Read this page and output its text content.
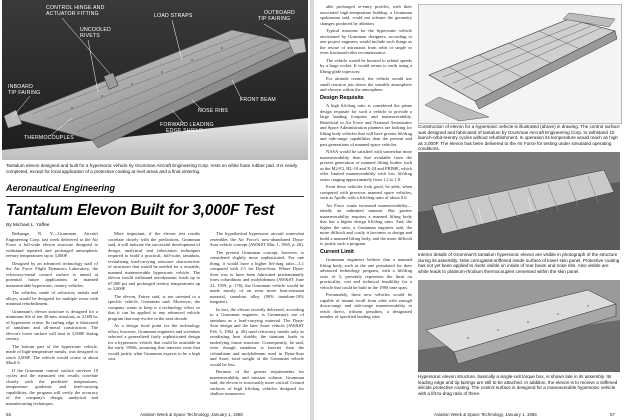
CONTROL HINGE AND
ACTUATOR FITTING
UNCOOLED
RIVETS
LOAD STRAPS	OUTBOARD
TIP FAIRING
INBOARD
TIP FAIRING
FRONT BEAM
NOSE RIBS
THERMOCOUPLES
FORWARD LEADING
EDGE SHIELD
Tantalum elevon designed and built for a hypersonic vehicle by Grumman Aircraft Engineering Corp. rests on white foam rubber pad. It is nearly completed, except for local application of a protective coating at rivet areas and a final sintering.
Aeronautical Engineering
Tantalum Elevon Built for 3,000F Test
By Michael L. Yaffee

Bethpage, N. Y.—Grumman Aircraft Engineering Corp. last week delivered to the Air Force a full-scale elevon structure designed to withstand repeated and prolonged atmospheric reentry temperatures up to 3,000F.

Designed by an advanced technology staff of the Air Force Flight Dynamics Laboratory, the refractory-metal control surface is aimed at potential future applications in manned maneuverable hypersonic, reentry vehicles.

The vehicles, made of refractory metals and alloys, would be designed for multiple reuse with minimal refurbishment.

Grumman's elevon structure is designed for a minimum life of ten 40-min. missions, or 2,000 hr. of hypersonic cruise. Its trailing edge is fabricated of tantalum and all-metal construction. The elevon's lower surface will heat to 3,000F during reentry.

The bottom part of the hypersonic vehicle, made of high-temperature metals, was designed to reach 2,000F. The vehicle would cruise at about Mach 6.

If the Grumman control surface survives 10 cycles and the measured test results correlate closely with the predicted temperatures, temperature gradients and load-carrying capabilities, the program will verify the accuracy of the company's design, analytical and manufacturing techniques.

More important, if the elevon test results correlate closely with the predictions, Grumman said, it will indicate the successful development of design, analytical and fabrication techniques required to build a practical, full-scale, tantalum, revitalizing load-carrying structure characteristic of structures that would be needed for a reusable, manned maneuverable hypersonic vehicle. The elevon would withstand aerodynamic loads up to 67,000 psi and prolonged reentry temperatures up to 3,000F.

The elevon, Fairey said, is not oriented to a specific vehicle, Grumman said. Moreover, the company wants to keep it a technology effort so that it can be applied to any advanced vehicle program that may evolve in the next decade.

As a design focal point for the technology effort, however, Grumman engineers and scientists selected a generalized fairly sophisticated design for a hypersonic vehicle that could be available in the early 1980s, assuming that interests exist that would justify what Grumman expects to be a high cost.

The hypothetical hypersonic aircraft somewhat resembles the Air Force's now-abandoned Dyna-Soar vehicle concept (AW&ST Mar. 1, 1965, p. 26).

The present Grumman concept, however, is considered slightly more sophisticated. For one thing, it would have a higher lift-drag ratio—1.1 compared with 2:1 for Dyna-Soar. Where Dyna-Soar was to have been fabricated predominantly from columbium and molybdenum (AW&ST June 22, 1959, p. 176), the Grumman vehicle would be made mostly of an even more heat-resistant material, tantalum alloy (90% tantalum-10% tungsten).

In fact, the elevon recently delivered, according to a Grumman engineer, is Grumman's use of tantalum as a load-carrying material. The Dyna-Soar design and the later Asset vehicle (AW&ST Feb. 5, 1962, p. 26) used refractory metals only as reradiating heat shields; the titanium loads to underlying frame structure. Consequently, he said, even though tantalum is heavier than the columbium and molybdenum used in Dyna-Soar and Asset, total weight of the Grumman vehicle would be less.

Because of the greater requirements for maneuverability and mission volume, Grumman said, the elevon is structurally more critical. Control surfaces of high lift/drag vehicles designed for shallow maneuvers

56	Aviation Week & Space Technology, January 1, 1968

able prolonged re-entry profiles, with their associated high-temperature buildup, a Grumman spokesman said, could not tolerate the geometry changes produced by ablation.

Typical missions for the hypersonic vehicle envisioned by Grumman designers, according to one project engineer, would include such things as the rescue of astronauts from orbit or single or even fractional-orbit reconnaissance.

The vehicle would be boosted to orbital speeds by a large rocket. It would return to earth using a lifting glide trajectory.

For attitude control, the vehicle would use small reaction jets above the sensible atmosphere and elevons within the atmosphere.

Design Requisite

A high lift/drag ratio is considered the prime design requisite for such a vehicle to provide a large landing footprint and maneuverability. Beneficial to Air Force and National Aeronautics and Space Administration planners are looking for lifting body vehicles that will have greater lift/drag and side-range capabilities than the present and past generations of manned space vehicles.

NASA would be satisfied with somewhat more maneuverability than that available from the present generation of manned lifting bodies such as the M2-F2, HL-10 and X-24 and PRIME, which offer limited maneuverability with low lift/drag ratios ranging approximately from 1.2 to 1.8.

Even these vehicles look good, he adds, when compared with previous manned space vehicles, such as Apollo with a lift/drag ratio of about 0.6.

Air Force wants increased maneuverability—ideally an unlimited amount. But greater maneuverability requires a manned lifting body that has a higher design lift/drag ratio. And, the higher the ratio, a Grumman engineer said, the more difficult and costly it becomes to design and build a manned lifting body, and the more difficult to justify such a program.

Current Limit

Grumman engineers believe that a manned lifting body, such as the one postulated for their advanced technology program, with a lift/drag ratio of 3, presently represents the limit on practicality, cost and technical feasibility for a vehicle that could be built in the 1980 time span.

Presumably, these new vehicles would be capable of instant recall from orbit with enough down-range and side-range maneuverability to reach direct, without penalties, a designated number of specified landing sites.

Construction of elevon for a hypersonic vehicle is illustrated (above) in drawing. The control surface was designed and fabricated of tantalum by Grumman Aircraft Engineering Corp. to withstand 10 launch-orbit-reentry cycles without refurbishment. In operation its temperature would reach as high as 3,000F. The elevon has been delivered to the Air Force for testing under simulated operating conditions.
Interior details of Grumman's tantalum hypersonic elevon are visible in photograph of the structure during its assembly. Note corrugated-stiffened inside surface of lower skin panel. Protective coating has not yet been applied to rivets visible on inside of rear beam and nose ribs. Also visible are white leads to platinum-rhodium thermocouples cemented within the skin panel.
Hypersonic elevon structure, basically a single-cell torque box, is shown late in its assembly. Its leading edge and tip fairings are still to be attached. In addition, the elevon is to receive a stiffened silicide protective coating. The control surface is designed for a maneuverable hypersonic vehicle with a lift-to-drag ratio of three.
Aviation Week & Space Technology, January 1, 1968	57
